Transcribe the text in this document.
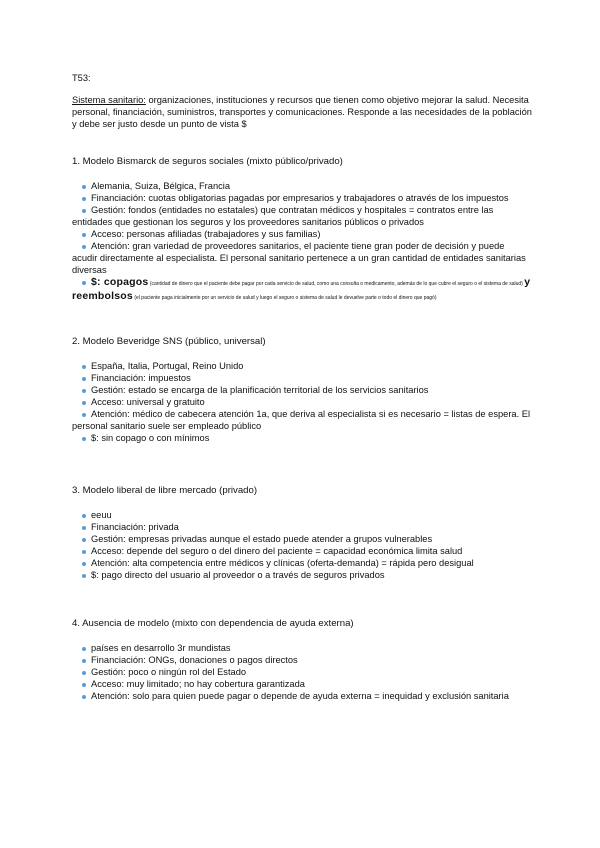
T53:
Sistema sanitario: organizaciones, instituciones y recursos que tienen como objetivo mejorar la salud. Necesita personal, financiación, suministros, transportes y comunicaciones. Responde a las necesidades de la población y debe ser justo desde un punto de vista $

1. Modelo Bismarck de seguros sociales (mixto público/privado)

Alemania, Suiza, Bélgica, Francia
Financiación: cuotas obligatorias pagadas por empresarios y trabajadores o através de los impuestos
Gestión: fondos (entidades no estatales) que contratan médicos y hospitales = contratos entre las entidades que gestionan los seguros y los proveedores sanitarios públicos o privados
Acceso: personas afiliadas (trabajadores y sus familias)
Atención: gran variedad de proveedores sanitarios, el paciente tiene gran poder de decisión y puede acudir directamente al especialista. El personal sanitario pertenece a un gran cantidad de entidades sanitarias diversas
$: copagos (cantidad de dinero que el paciente debe pagar por cada servicio de salud, como una consulta o medicamento, además de lo que cubre el seguro o el sistema de salud) y reembolsos (el paciente paga inicialmente por un servicio de salud y luego el seguro o sistema de salud le devuelve parte o todo el dinero que pagó)

2. Modelo Beveridge SNS (público, universal)

España, Italia, Portugal, Reino Unido
Financiación: impuestos
Gestión: estado se encarga de la planificación territorial de los servicios sanitarios
Acceso: universal y gratuito
Atención: médico de cabecera atención 1a, que deriva al especialista si es necesario = listas de espera. El personal sanitario suele ser empleado público
$: sin copago o con mínimos

3. Modelo liberal de libre mercado (privado)

eeuu
Financiación: privada
Gestión: empresas privadas aunque el estado puede atender a grupos vulnerables
Acceso: depende del seguro o del dinero del paciente = capacidad económica limita salud
Atención: alta competencia entre médicos y clínicas (oferta-demanda) = rápida pero desigual
$: pago directo del usuario al proveedor o a través de seguros privados

4. Ausencia de modelo (mixto con dependencia de ayuda externa)

países en desarrollo 3r mundistas
Financiación: ONGs, donaciones o pagos directos
Gestión: poco o ningún rol del Estado
Acceso: muy limitado; no hay cobertura garantizada
Atención: solo para quien puede pagar o depende de ayuda externa = inequidad y exclusión sanitaria
